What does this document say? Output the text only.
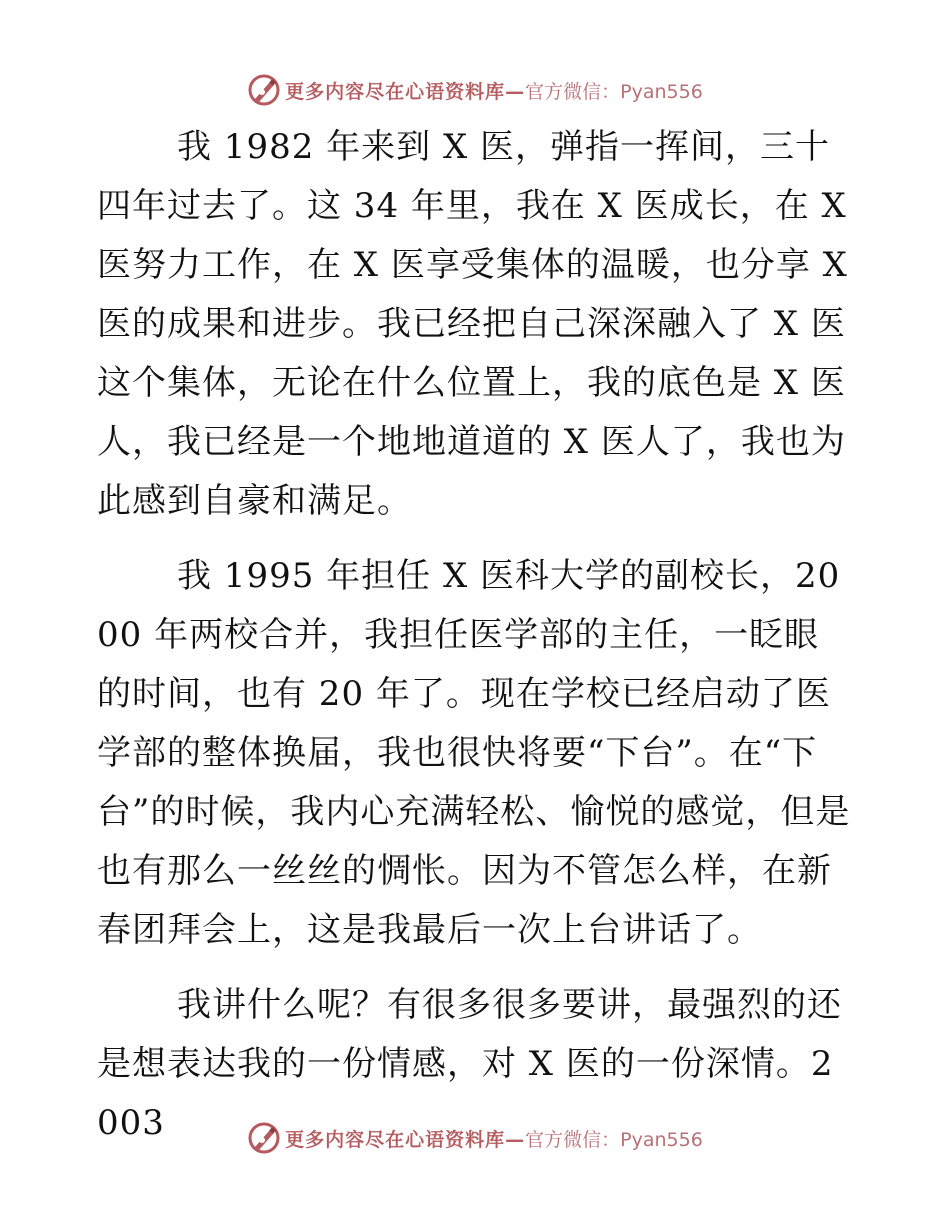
更多内容尽在心语资料库—官方微信：Pyan556

我 1982 年来到 X 医，弹指一挥间，三十四年过去了。这 34 年里，我在 X 医成长，在 X 医努力工作，在 X 医享受集体的温暖，也分享 X 医的成果和进步。我已经把自己深深融入了 X 医这个集体，无论在什么位置上，我的底色是 X 医人，我已经是一个地地道道的 X 医人了，我也为此感到自豪和满足。

我 1995 年担任 X 医科大学的副校长，2000 年两校合并，我担任医学部的主任，一眨眼的时间，也有 20 年了。现在学校已经启动了医学部的整体换届，我也很快将要“下台”。在“下台”的时候，我内心充满轻松、愉悦的感觉，但是也有那么一丝丝的惆怅。因为不管怎么样，在新春团拜会上，这是我最后一次上台讲话了。

我讲什么呢？有很多很多要讲，最强烈的还是想表达我的一份情感，对 X 医的一份深情。2003	更多内容尽在心语资料库—官方微信：Pyan556
